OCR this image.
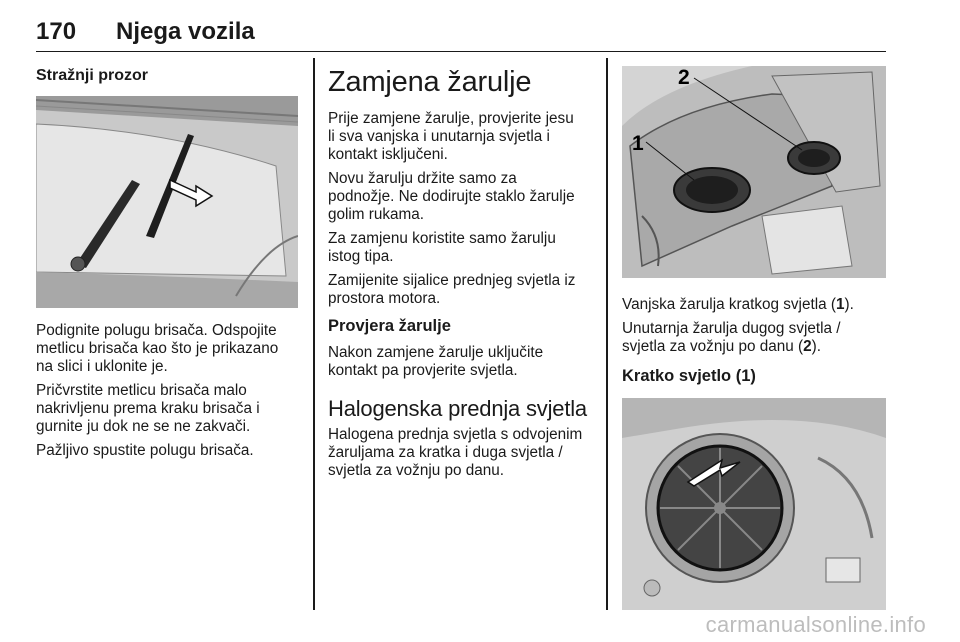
170 Njega vozila
Stražnji prozor

Podignite polugu brisača. Odspojite
metlicu brisača kao što je prikazano
na slici i uklonite je.

Pričvrstite metlicu brisača malo
nakrivljenu prema kraku brisača i
gurnite ju dok ne se ne zakvači.

Pažljivo spustite polugu brisača.

Zamjena žarulje

Prije zamjene žarulje, provjerite jesu
li sva vanjska i unutarnja svjetla i
kontakt isključeni.

Novu žarulju držite samo za
podnožje. Ne dodirujte staklo žarulje
golim rukama.

Za zamjenu koristite samo žarulju
istog tipa.

Zamijenite sijalice prednjeg svjetla iz
prostora motora.

Provjera žarulje

Nakon zamjene žarulje uključite
kontakt pa provjerite svjetla.

Halogenska prednja svjetla

Halogena prednja svjetla s odvojenim
žaruljama za kratka i duga svjetla /
svjetla za vožnju po danu.

1
2

Vanjska žarulja kratkog svjetla (1).

Unutarnja žarulja dugog svjetla /
svjetla za vožnju po danu (2).

Kratko svjetlo (1)
carmanualsonline.info
